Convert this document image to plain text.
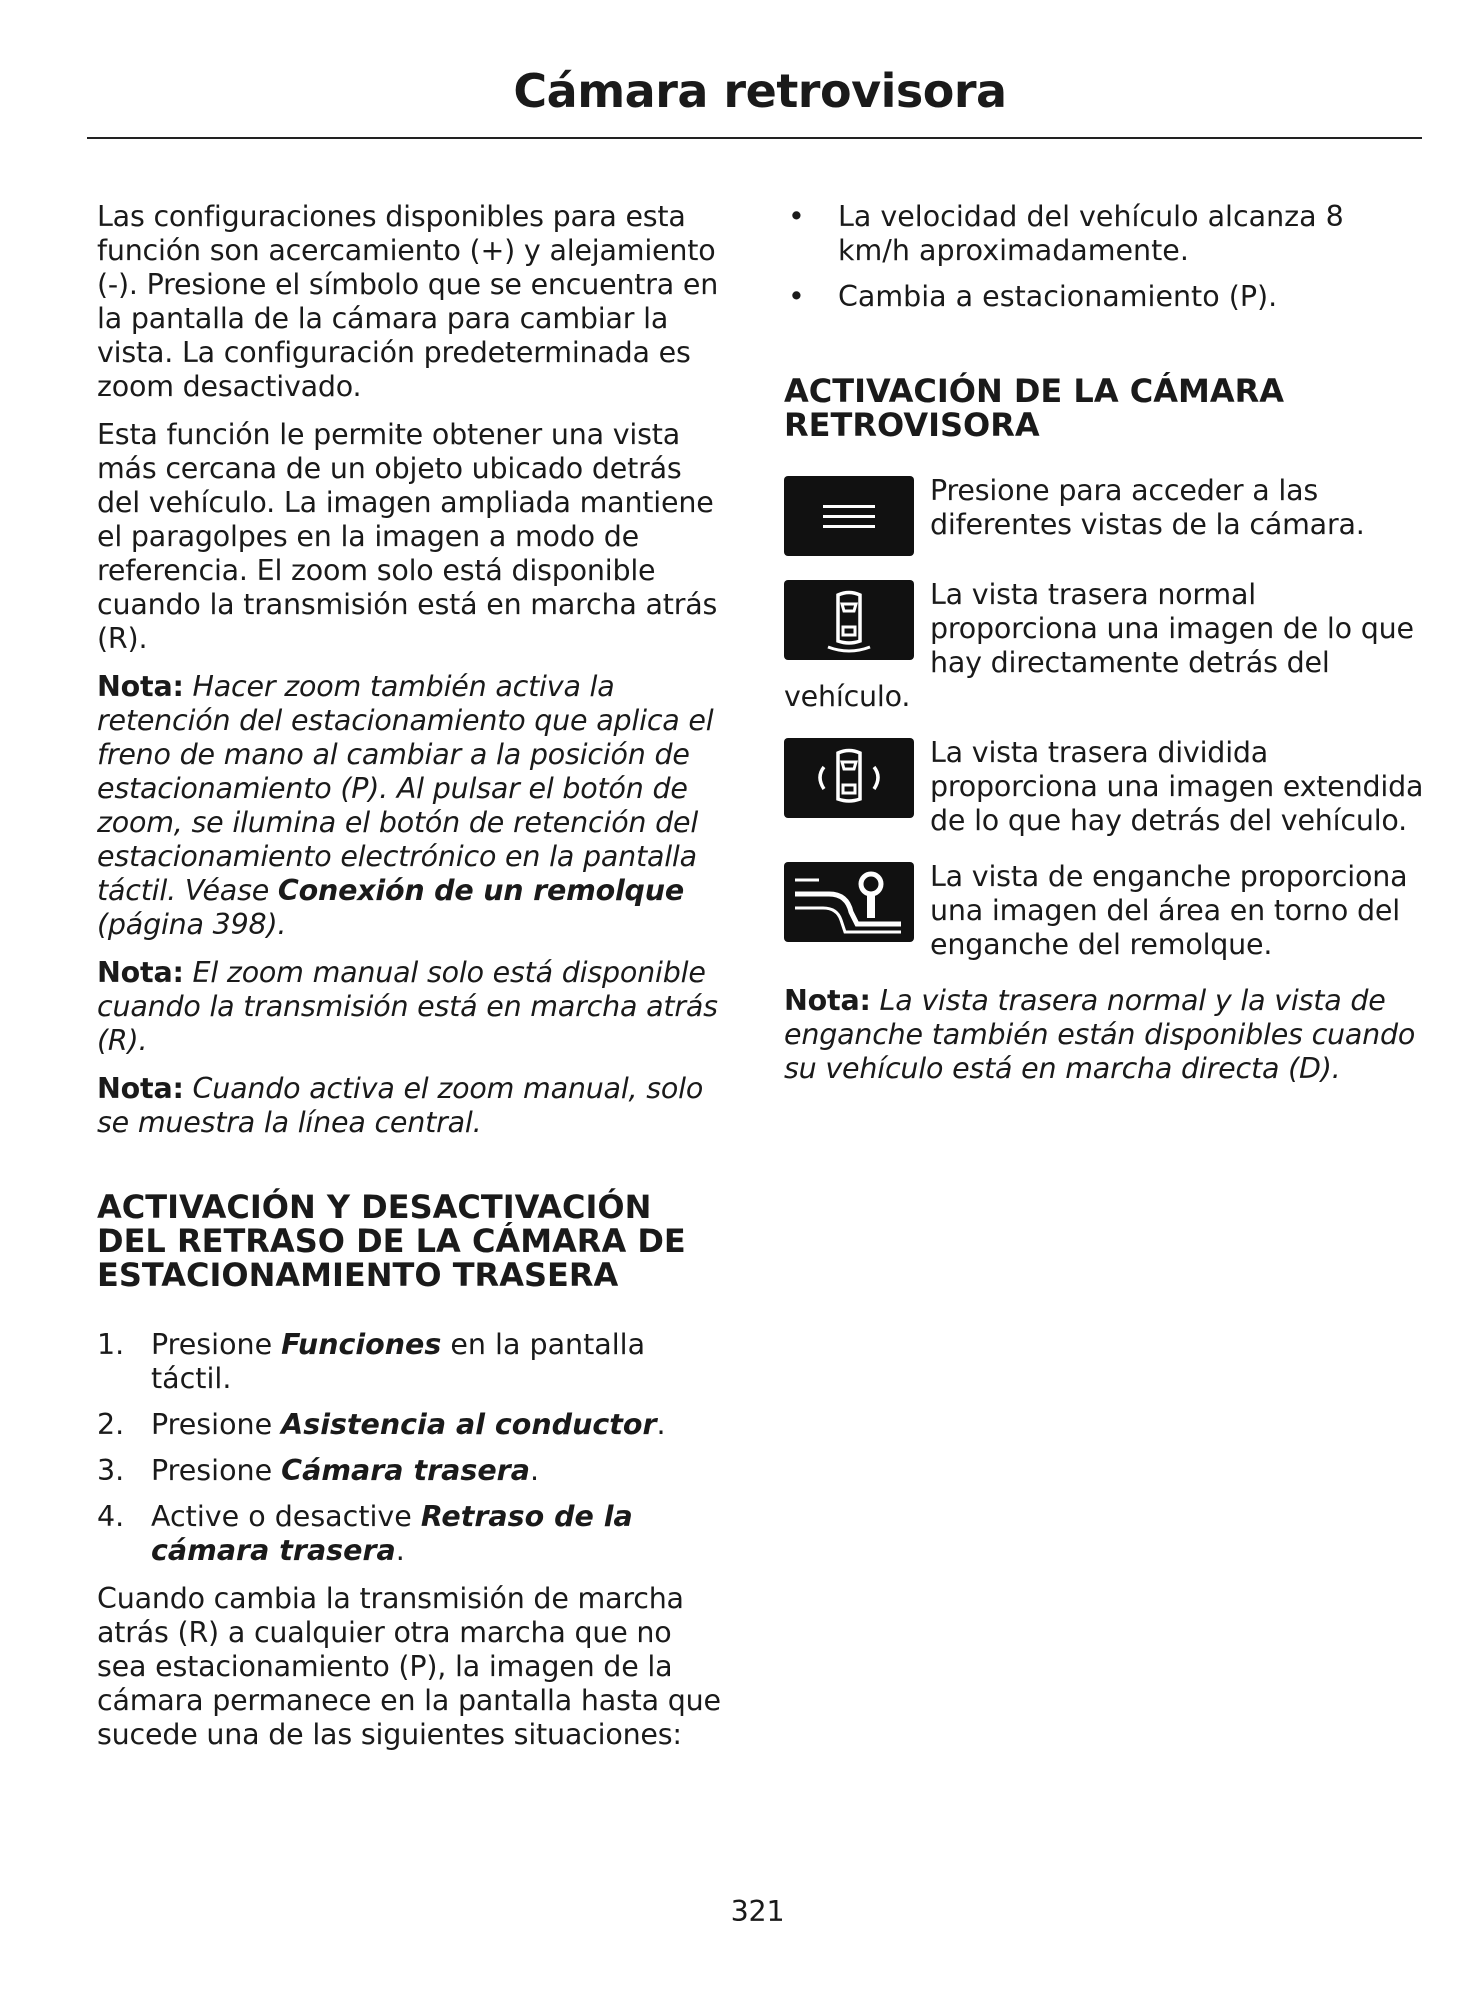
Cámara retrovisora

Las configuraciones disponibles para esta función son acercamiento (+) y alejamiento (-). Presione el símbolo que se encuentra en la pantalla de la cámara para cambiar la vista. La configuración predeterminada es zoom desactivado.

Esta función le permite obtener una vista más cercana de un objeto ubicado detrás del vehículo. La imagen ampliada mantiene el paragolpes en la imagen a modo de referencia. El zoom solo está disponible cuando la transmisión está en marcha atrás (R).

Nota: Hacer zoom también activa la retención del estacionamiento que aplica el freno de mano al cambiar a la posición de estacionamiento (P). Al pulsar el botón de zoom, se ilumina el botón de retención del estacionamiento electrónico en la pantalla táctil. Véase Conexión de un remolque (página 398).

Nota: El zoom manual solo está disponible cuando la transmisión está en marcha atrás (R).

Nota: Cuando activa el zoom manual, solo se muestra la línea central.

ACTIVACIÓN Y DESACTIVACIÓN DEL RETRASO DE LA CÁMARA DE ESTACIONAMIENTO TRASERA
1. Presione Funciones en la pantalla táctil.
2. Presione Asistencia al conductor.
3. Presione Cámara trasera.
4. Active o desactive Retraso de la cámara trasera.

Cuando cambia la transmisión de marcha atrás (R) a cualquier otra marcha que no sea estacionamiento (P), la imagen de la cámara permanece en la pantalla hasta que sucede una de las siguientes situaciones:

• La velocidad del vehículo alcanza 8 km/h aproximadamente.
• Cambia a estacionamiento (P).
ACTIVACIÓN DE LA CÁMARA RETROVISORA

Presione para acceder a las diferentes vistas de la cámara.

La vista trasera normal proporciona una imagen de lo que hay directamente detrás del vehículo.

La vista trasera dividida proporciona una imagen extendida de lo que hay detrás del vehículo.

La vista de enganche proporciona una imagen del área en torno del enganche del remolque.

Nota: La vista trasera normal y la vista de enganche también están disponibles cuando su vehículo está en marcha directa (D).

321
